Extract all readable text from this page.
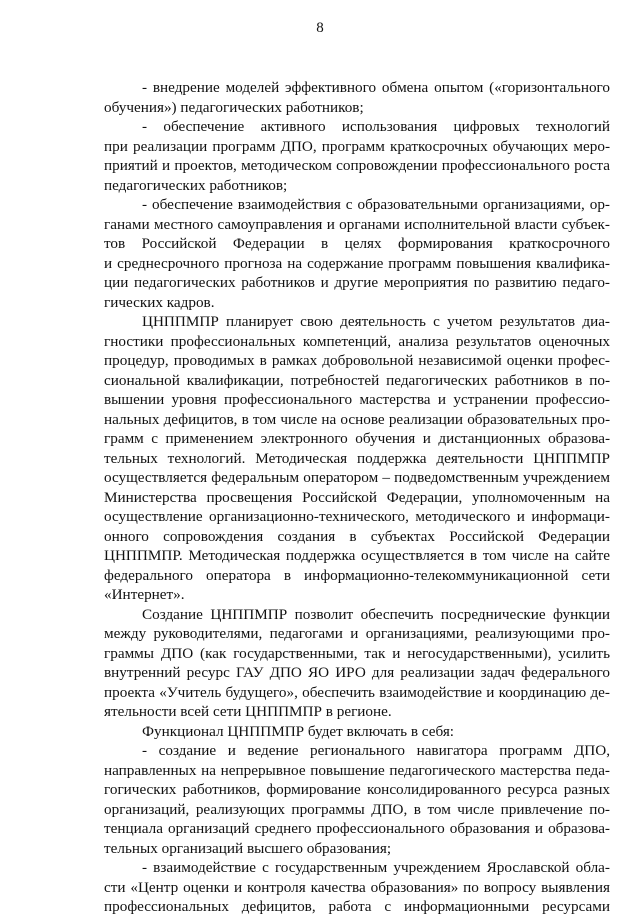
8
- внедрение моделей эффективного обмена опытом («горизонтального
обучения») педагогических работников;
- обеспечение активного использования цифровых технологий
при реализации программ ДПО, программ краткосрочных обучающих меро-
приятий и проектов, методическом сопровождении профессионального роста
педагогических работников;
- обеспечение взаимодействия с образовательными организациями, ор-
ганами местного самоуправления и органами исполнительной власти субъек-
тов Российской Федерации в целях формирования краткосрочного
и среднесрочного прогноза на содержание программ повышения квалифика-
ции педагогических работников и другие мероприятия по развитию педаго-
гических кадров.
ЦНППМПР планирует свою деятельность с учетом результатов диа-
гностики профессиональных компетенций, анализа результатов оценочных
процедур, проводимых в рамках добровольной независимой оценки профес-
сиональной квалификации, потребностей педагогических работников в по-
вышении уровня профессионального мастерства и устранении профессио-
нальных дефицитов, в том числе на основе реализации образовательных про-
грамм с применением электронного обучения и дистанционных образова-
тельных технологий. Методическая поддержка деятельности ЦНППМПР
осуществляется федеральным оператором – подведомственным учреждением
Министерства просвещения Российской Федерации, уполномоченным на
осуществление организационно-технического, методического и информаци-
онного сопровождения создания в субъектах Российской Федерации
ЦНППМПР. Методическая поддержка осуществляется в том числе на сайте
федерального оператора в информационно-телекоммуникационной сети
«Интернет».
Создание ЦНППМПР позволит обеспечить посреднические функции
между руководителями, педагогами и организациями, реализующими про-
граммы ДПО (как государственными, так и негосударственными), усилить
внутренний ресурс ГАУ ДПО ЯО ИРО для реализации задач федерального
проекта «Учитель будущего», обеспечить взаимодействие и координацию де-
ятельности всей сети ЦНППМПР в регионе.
Функционал ЦНППМПР будет включать в себя:
- создание и ведение регионального навигатора программ ДПО,
направленных на непрерывное повышение педагогического мастерства педа-
гогических работников, формирование консолидированного ресурса разных
организаций, реализующих программы ДПО, в том числе привлечение по-
тенциала организаций среднего профессионального образования и образова-
тельных организаций высшего образования;
- взаимодействие с государственным учреждением Ярославской обла-
сти «Центр оценки и контроля качества образования» по вопросу выявления
профессиональных дефицитов, работа с информационными ресурсами
